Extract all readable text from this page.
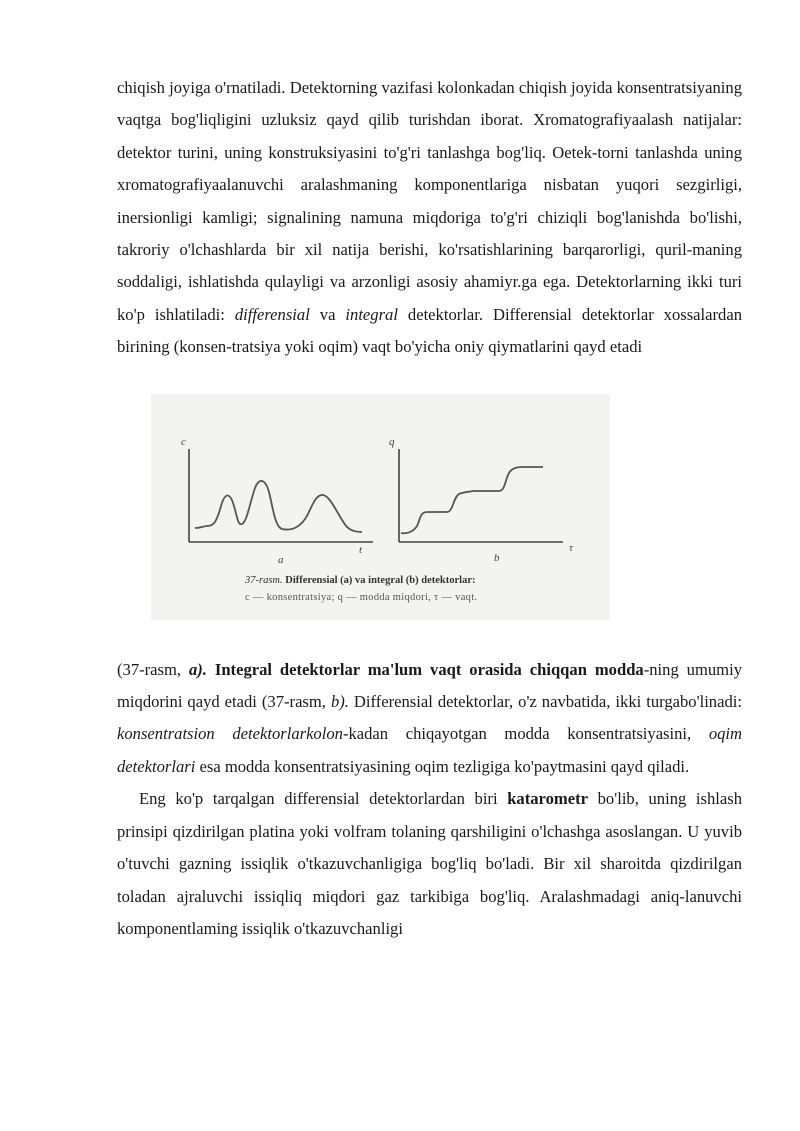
chiqish joyiga o'rnatiladi. Detektorning vazifasi kolonkadan chiqish joyida konsentratsiyaning vaqtga bog'liqligini uzluksiz qayd qilib turishdan iborat. Xromatografiyaalash natijalar: detektor turini, uning konstruksiyasini to'g'ri tanlashga bog'liq. Oetek-torni tanlashda uning xromatografiyaalanuvchi aralashmaning komponentlariga nisbatan yuqori sezgirligi, inersionligi kamligi; signalining namuna miqdoriga to'g'ri chiziqli bog'lanishda bo'lishi, takroriy o'lchashlarda bir xil natija berishi, ko'rsatishlarining barqarorligi, quril-maning soddaligi, ishlatishda qulayligi va arzonligi asosiy ahamiyr.ga ega. Detektorlarning ikki turi ko'p ishlatiladi: differensial va integral detektorlar. Differensial detektorlar xossalardan birining (konsen-tratsiya yoki oqim) vaqt bo'yicha oniy qiymatlarini qayd etadi

c	q
t	τ
a	b
37-rasm. Differensial (a) va integral (b) detektorlar:
c — konsentratsiya; q — modda miqdori, τ — vaqt.

(37-rasm, a). Integral detektorlar ma'lum vaqt orasida chiqqan modda-ning umumiy miqdorini qayd etadi (37-rasm, b). Differensial detektorlar, o'z navbatida, ikki turgabo'linadi: konsentratsion detektorlarkolon-kadan chiqayotgan modda konsentratsiyasini, oqim detektorlari esa modda konsentratsiyasining oqim tezligiga ko'paytmasini qayd qiladi.

Eng ko'p tarqalgan differensial detektorlardan biri katarometr bo'lib, uning ishlash prinsipi qizdirilgan platina yoki volfram tolaning qarshiligini o'lchashga asoslangan. U yuvib o'tuvchi gazning issiqlik o'tkazuvchanligiga bog'liq bo'ladi. Bir xil sharoitda qizdirilgan toladan ajraluvchi issiqliq miqdori gaz tarkibiga bog'liq. Aralashmadagi aniq-lanuvchi komponentlaming issiqlik o'tkazuvchanligi
